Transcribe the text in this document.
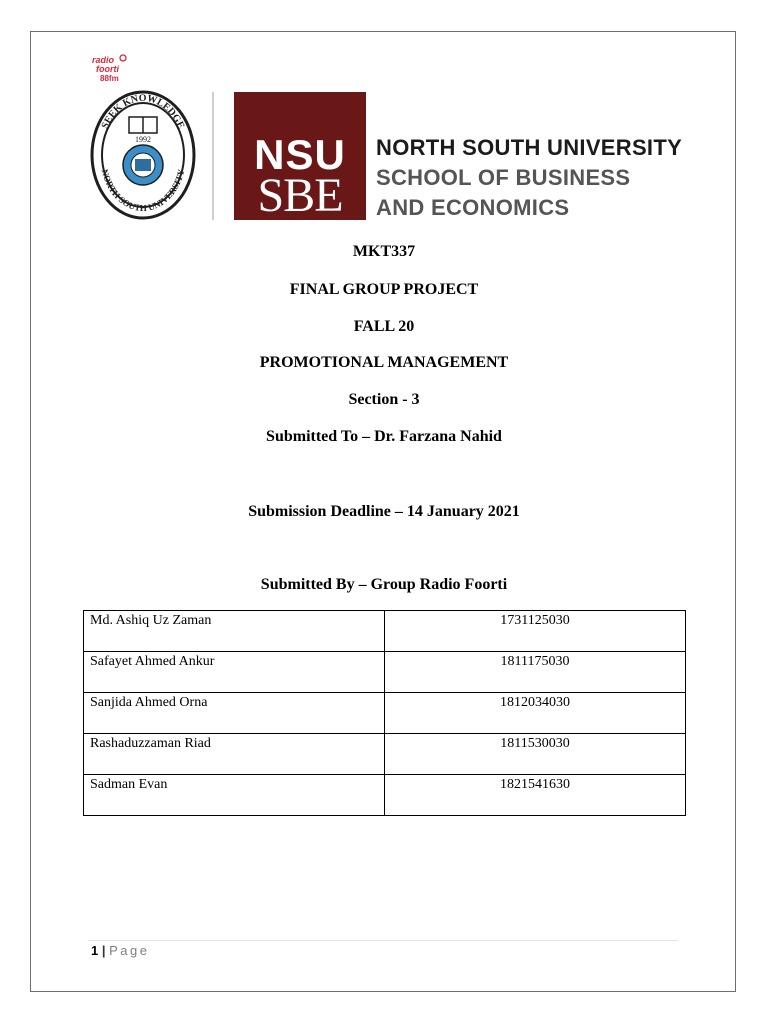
radio
foorti
88fm
SEEK KNOWLEDGE
NORTH SOUTH UNIVERSITY
1992	NSU
SBE
NORTH SOUTH UNIVERSITY
SCHOOL OF BUSINESS
AND ECONOMICS
MKT337
FINAL GROUP PROJECT
FALL 20
PROMOTIONAL MANAGEMENT
Section - 3
Submitted To – Dr. Farzana Nahid
Submission Deadline – 14 January 2021
Submitted By – Group Radio Foorti
Md. Ashiq Uz Zaman	1731125030
Safayet Ahmed Ankur	1811175030
Sanjida Ahmed Orna	1812034030
Rashaduzzaman Riad	1811530030
Sadman Evan	1821541630
1 | Page
